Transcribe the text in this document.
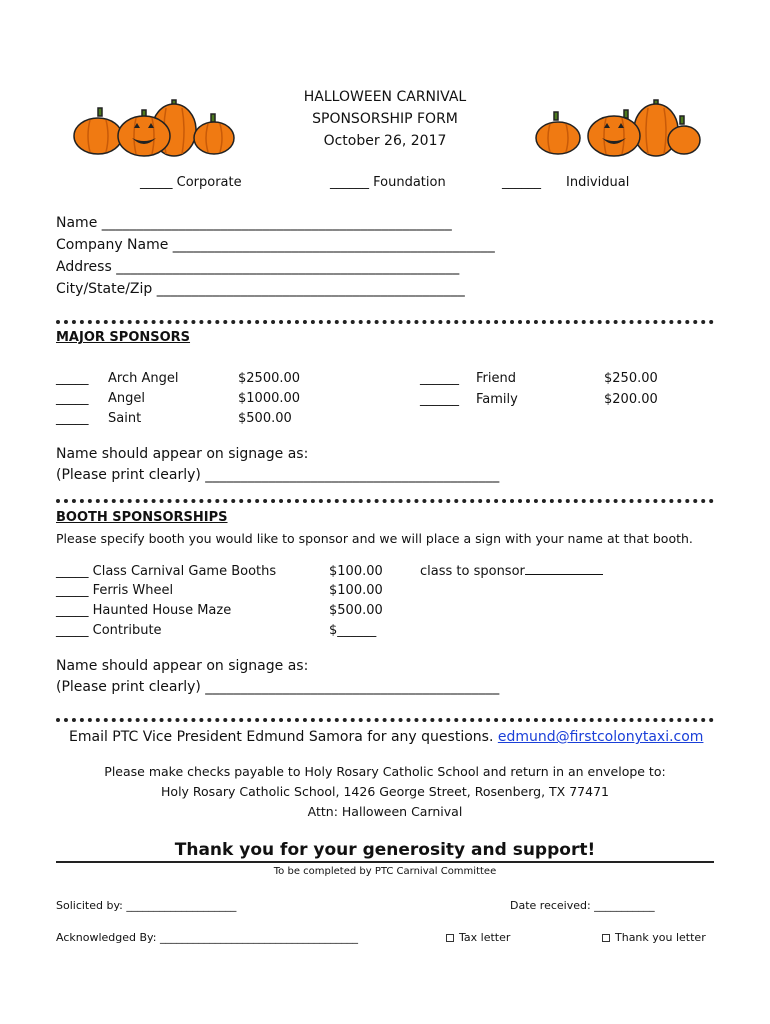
HALLOWEEN CARNIVAL
SPONSORSHIP FORM
October 26, 2017
_____ Corporate	______ Foundation	______ Individual
Name __________________________________________________
Company Name ______________________________________________
Address _________________________________________________
City/State/Zip ____________________________________________
MAJOR SPONSORS
_____ Arch Angel	$2500.00
_____ Angel	$1000.00
_____ Saint	$500.00
______ Friend	$250.00
______ Family	$200.00
Name should appear on signage as:
(Please print clearly) __________________________________________
BOOTH SPONSORSHIPS
Please specify booth you would like to sponsor and we will place a sign with your name at that booth.
_____ Class Carnival Game Booths	$100.00	class to sponsor
_____ Ferris Wheel	$100.00
_____ Haunted House Maze	$500.00
_____ Contribute	$______
Name should appear on signage as:
(Please print clearly) __________________________________________
Email PTC Vice President Edmund Samora for any questions. edmund@firstcolonytaxi.com
Please make checks payable to Holy Rosary Catholic School and return in an envelope to:
Holy Rosary Catholic School, 1426 George Street, Rosenberg, TX 77471
Attn: Halloween Carnival
Thank you for your generosity and support!
To be completed by PTC Carnival Committee
Solicited by: ____________________	Date received: ___________
Acknowledged By: ____________________________________	Tax letter	Thank you letter
